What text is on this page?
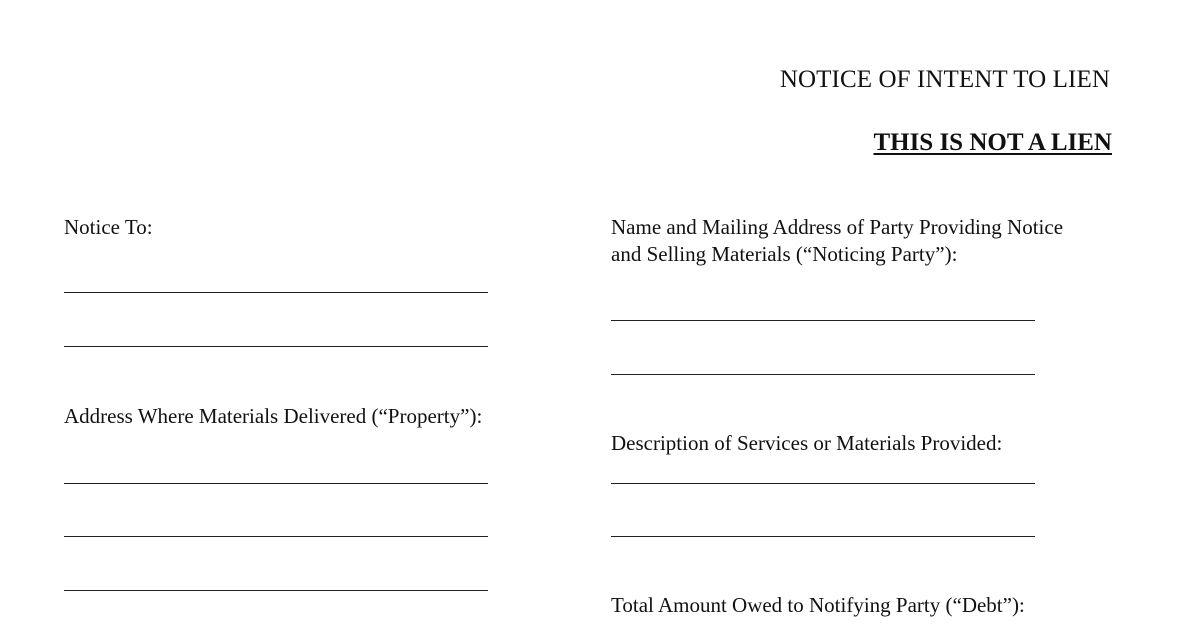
NOTICE OF INTENT TO LIEN
THIS IS NOT A LIEN
Notice To:
Address Where Materials Delivered (“Property”):
Name and Mailing Address of Party Providing Notice
and Selling Materials (“Noticing Party”):
Description of Services or Materials Provided:
Total Amount Owed to Notifying Party (“Debt”):
